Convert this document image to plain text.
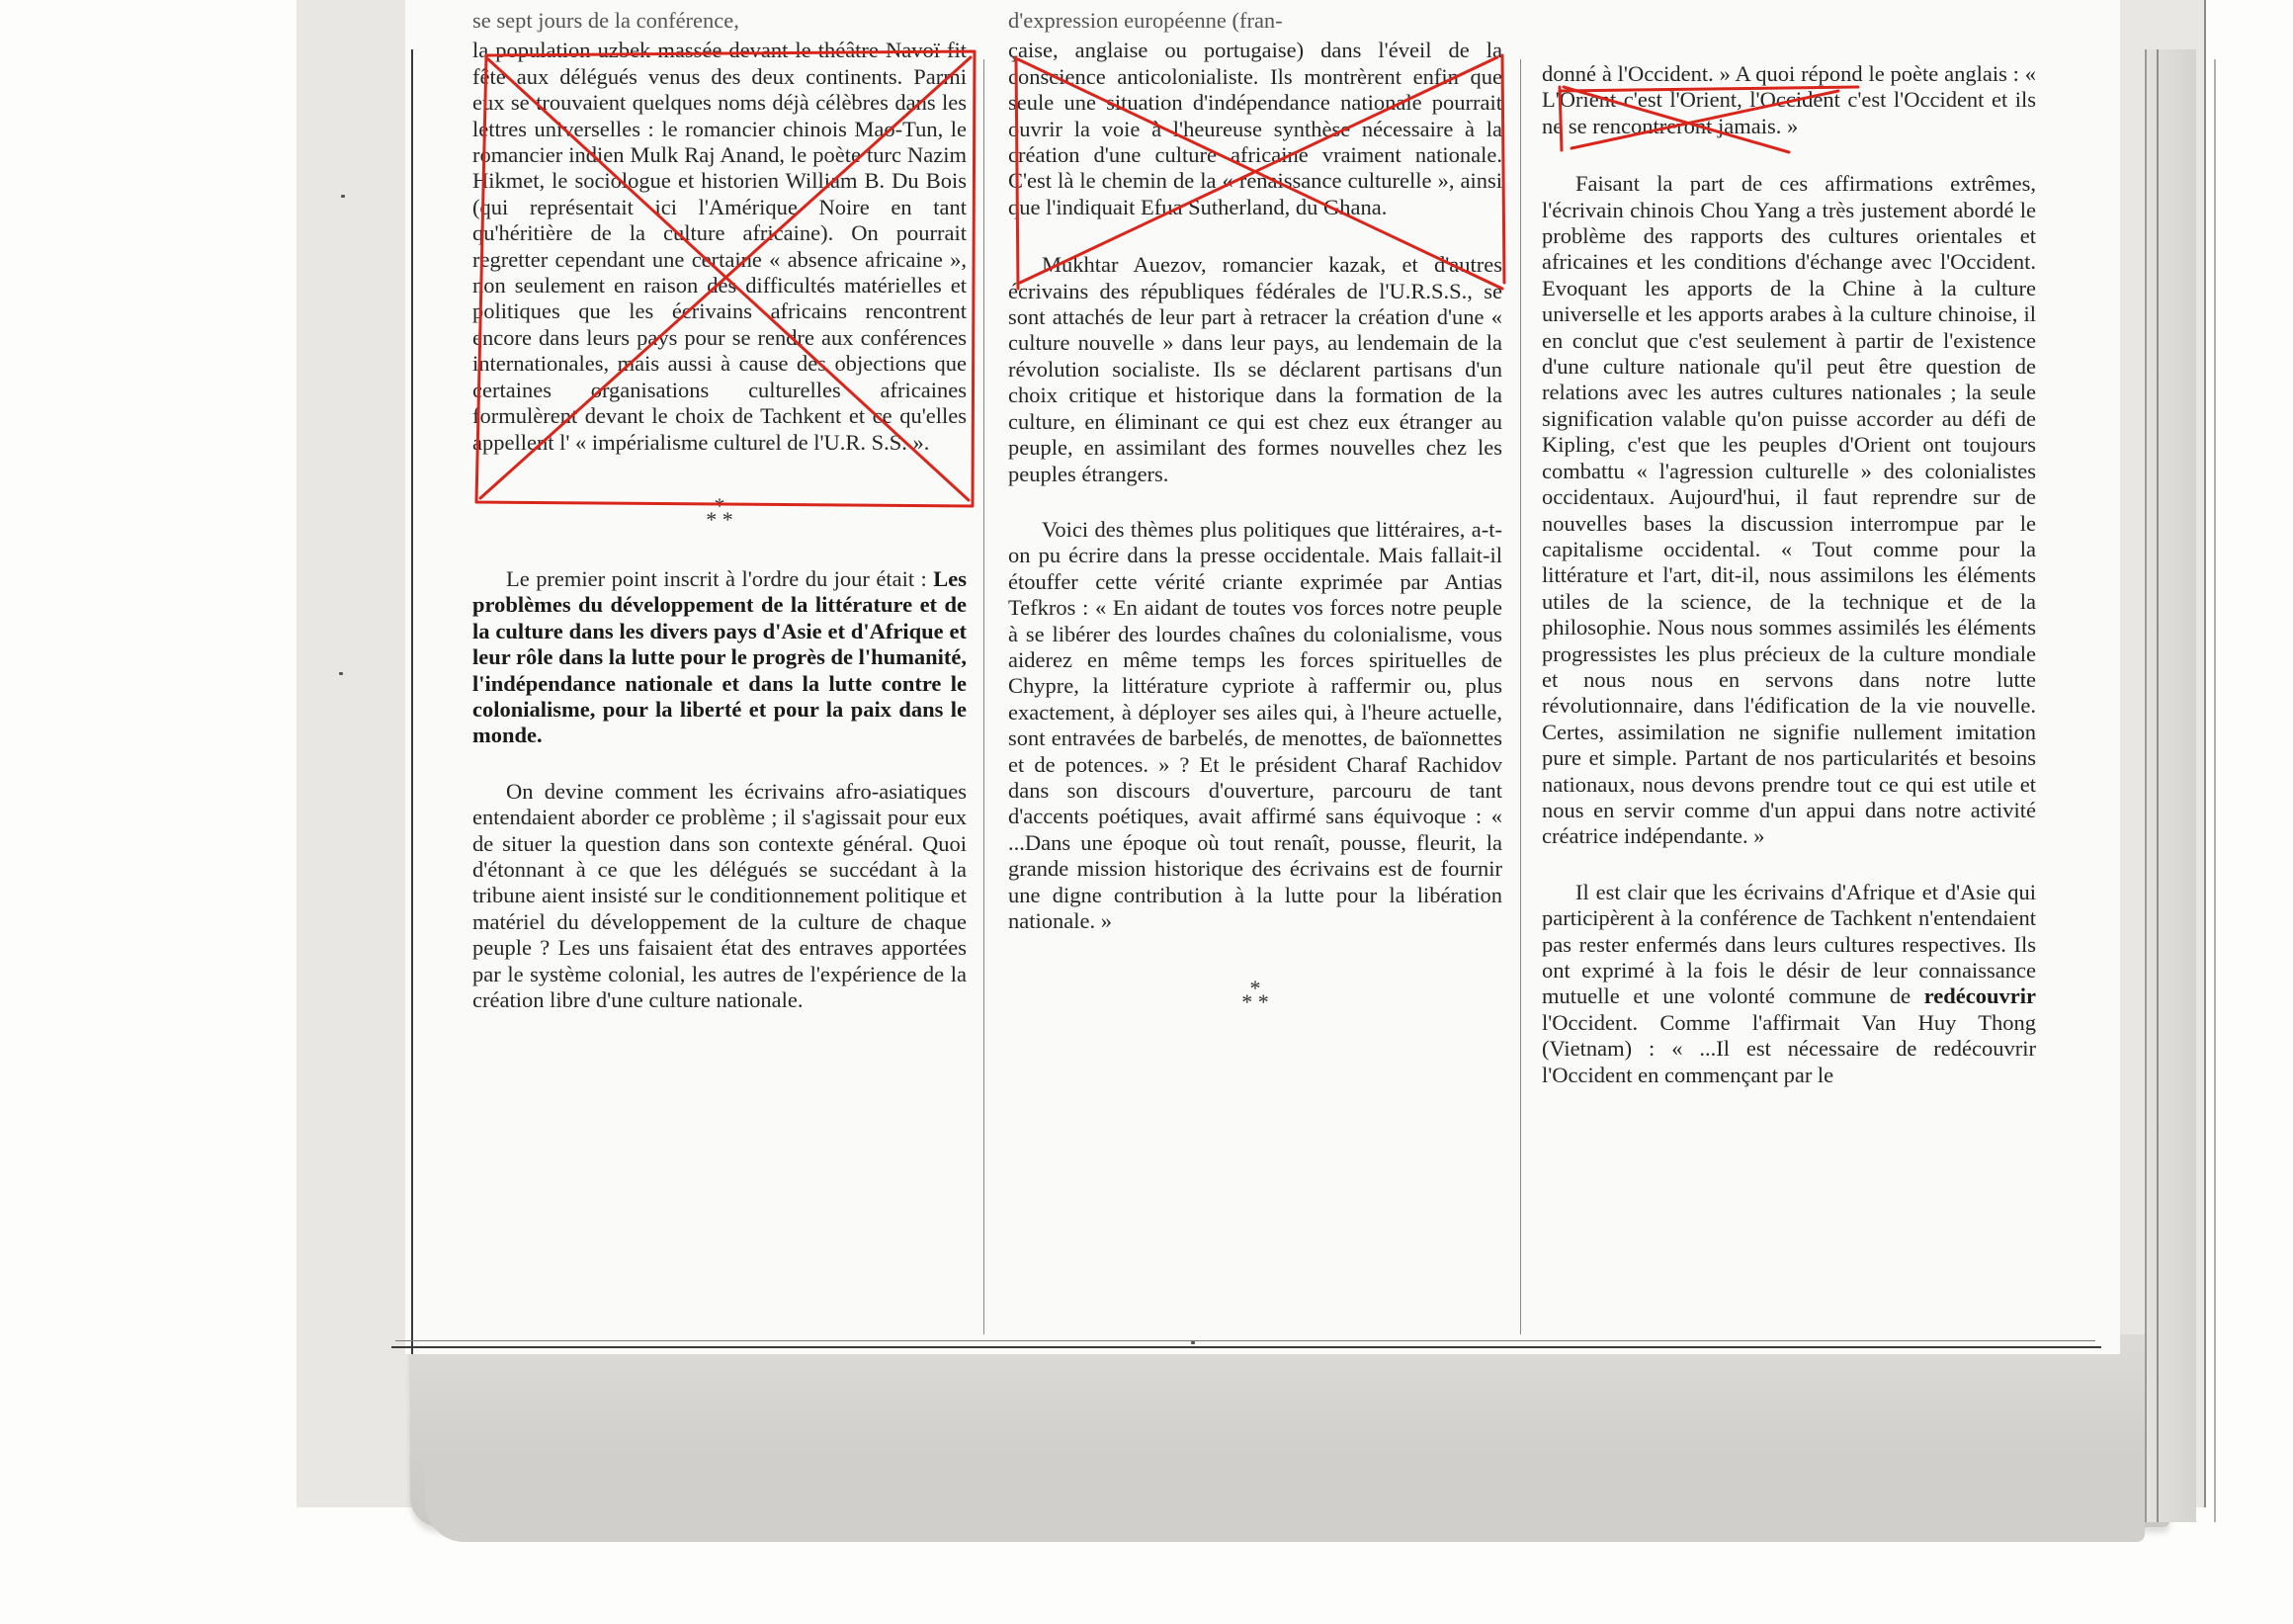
se sept jours de la conférence,

la population uzbek massée devant le théâtre Navoï fit fête aux délégués venus des deux continents. Parmi eux se trouvaient quelques noms déjà célèbres dans les lettres universelles : le romancier chinois Mao-Tun, le romancier indien Mulk Raj Anand, le poète turc Nazim Hikmet, le sociologue et historien William B. Du Bois (qui représentait ici l'Amérique Noire en tant qu'héritière de la culture africaine). On pourrait regretter cependant une certaine « absence africaine », non seulement en raison des difficultés matérielles et politiques que les écrivains africains rencontrent encore dans leurs pays pour se rendre aux conférences internationales, mais aussi à cause des objections que certaines organisations culturelles africaines formulèrent devant le choix de Tachkent et ce qu'elles appellent l' « impérialisme culturel de l'U.R. S.S. ».

*
* *

Le premier point inscrit à l'ordre du jour était : Les problèmes du développement de la littérature et de la culture dans les divers pays d'Asie et d'Afrique et leur rôle dans la lutte pour le progrès de l'humanité, l'indépendance nationale et dans la lutte contre le colonialisme, pour la liberté et pour la paix dans le monde.

On devine comment les écrivains afro-asiatiques entendaient aborder ce problème ; il s'agissait pour eux de situer la question dans son contexte général. Quoi d'étonnant à ce que les délégués se succédant à la tribune aient insisté sur le conditionnement politique et matériel du développement de la culture de chaque peuple ? Les uns faisaient état des entraves apportées par le système colonial, les autres de l'expérience de la création libre d'une culture nationale.

d'expression européenne (fran-

çaise, anglaise ou portugaise) dans l'éveil de la conscience anticolonialiste. Ils montrèrent enfin que seule une situation d'indépendance nationale pourrait ouvrir la voie à l'heureuse synthèse nécessaire à la création d'une culture africaine vraiment nationale. C'est là le chemin de la « renaissance culturelle », ainsi que l'indiquait Efua Sutherland, du Ghana.

Mukhtar Auezov, romancier kazak, et d'autres écrivains des républiques fédérales de l'U.R.S.S., se sont attachés de leur part à retracer la création d'une « culture nouvelle » dans leur pays, au lendemain de la révolution socialiste. Ils se déclarent partisans d'un choix critique et historique dans la formation de la culture, en éliminant ce qui est chez eux étranger au peuple, en assimilant des formes nouvelles chez les peuples étrangers.

Voici des thèmes plus politiques que littéraires, a-t-on pu écrire dans la presse occidentale. Mais fallait-il étouffer cette vérité criante exprimée par Antias Tefkros : « En aidant de toutes vos forces notre peuple à se libérer des lourdes chaînes du colonialisme, vous aiderez en même temps les forces spirituelles de Chypre, la littérature cypriote à raffermir ou, plus exactement, à déployer ses ailes qui, à l'heure actuelle, sont entravées de barbelés, de menottes, de baïonnettes et de potences. » ? Et le président Charaf Rachidov dans son discours d'ouverture, parcouru de tant d'accents poétiques, avait affirmé sans équivoque : « ...Dans une époque où tout renaît, pousse, fleurit, la grande mission historique des écrivains est de fournir une digne contribution à la lutte pour la libération nationale. »

*
* *

donné à l'Occident. » A quoi répond le poète anglais : « L'Orient c'est l'Orient, l'Occident c'est l'Occident et ils ne se rencontreront jamais. »

Faisant la part de ces affirmations extrêmes, l'écrivain chinois Chou Yang a très justement abordé le problème des rapports des cultures orientales et africaines et les conditions d'échange avec l'Occident. Evoquant les apports de la Chine à la culture universelle et les apports arabes à la culture chinoise, il en conclut que c'est seulement à partir de l'existence d'une culture nationale qu'il peut être question de relations avec les autres cultures nationales ; la seule signification valable qu'on puisse accorder au défi de Kipling, c'est que les peuples d'Orient ont toujours combattu « l'agression culturelle » des colonialistes occidentaux. Aujourd'hui, il faut reprendre sur de nouvelles bases la discussion interrompue par le capitalisme occidental. « Tout comme pour la littérature et l'art, dit-il, nous assimilons les éléments utiles de la science, de la technique et de la philosophie. Nous nous sommes assimilés les éléments progressistes les plus précieux de la culture mondiale et nous nous en servons dans notre lutte révolutionnaire, dans l'édification de la vie nouvelle. Certes, assimilation ne signifie nullement imitation pure et simple. Partant de nos particularités et besoins nationaux, nous devons prendre tout ce qui est utile et nous en servir comme d'un appui dans notre activité créatrice indépendante. »

Il est clair que les écrivains d'Afrique et d'Asie qui participèrent à la conférence de Tachkent n'entendaient pas rester enfermés dans leurs cultures respectives. Ils ont exprimé à la fois le désir de leur connaissance mutuelle et une volonté commune de redécouvrir l'Occident. Comme l'affirmait Van Huy Thong (Vietnam) : « ...Il est nécessaire de redécouvrir l'Occident en commençant par le
